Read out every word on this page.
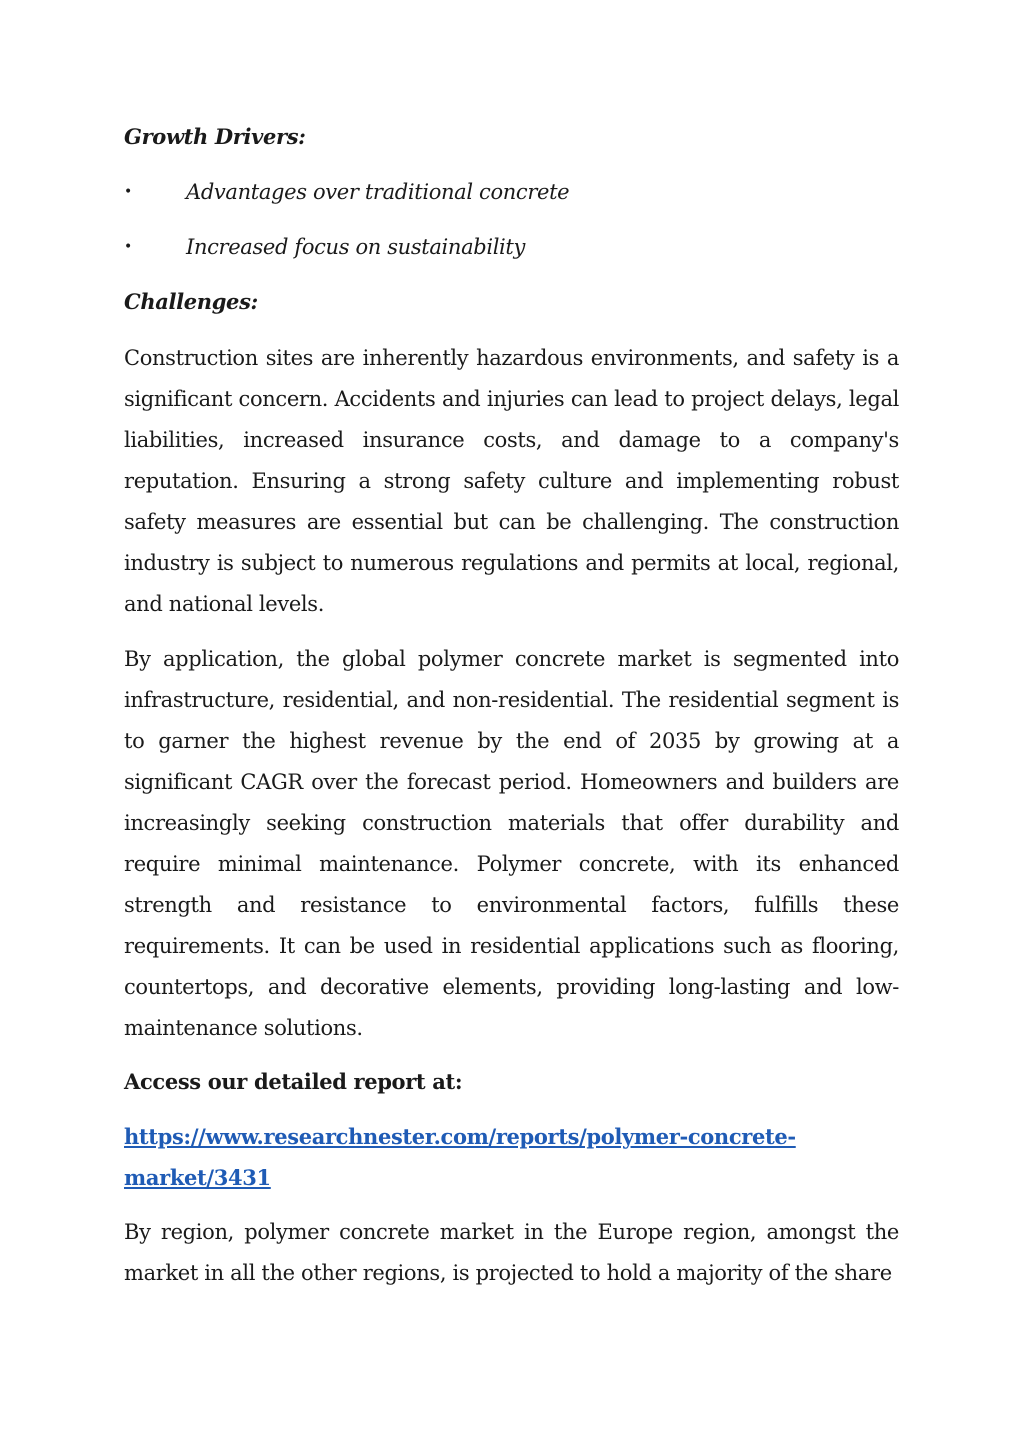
Growth Drivers:
•	Advantages over traditional concrete
•	Increased focus on sustainability
Challenges:

Construction sites are inherently hazardous environments, and safety is a significant concern. Accidents and injuries can lead to project delays, legal liabilities, increased insurance costs, and damage to a company's reputation. Ensuring a strong safety culture and implementing robust safety measures are essential but can be challenging. The construction industry is subject to numerous regulations and permits at local, regional, and national levels.

By application, the global polymer concrete market is segmented into infrastructure, residential, and non-residential. The residential segment is to garner the highest revenue by the end of 2035 by growing at a significant CAGR over the forecast period. Homeowners and builders are increasingly seeking construction materials that offer durability and require minimal maintenance. Polymer concrete, with its enhanced strength and resistance to environmental factors, fulfills these requirements. It can be used in residential applications such as flooring, countertops, and decorative elements, providing long-lasting and low-maintenance solutions.

Access our detailed report at:
https://www.researchnester.com/reports/polymer-concrete-
market/3431

By region, polymer concrete market in the Europe region, amongst the market in all the other regions, is projected to hold a majority of the share
